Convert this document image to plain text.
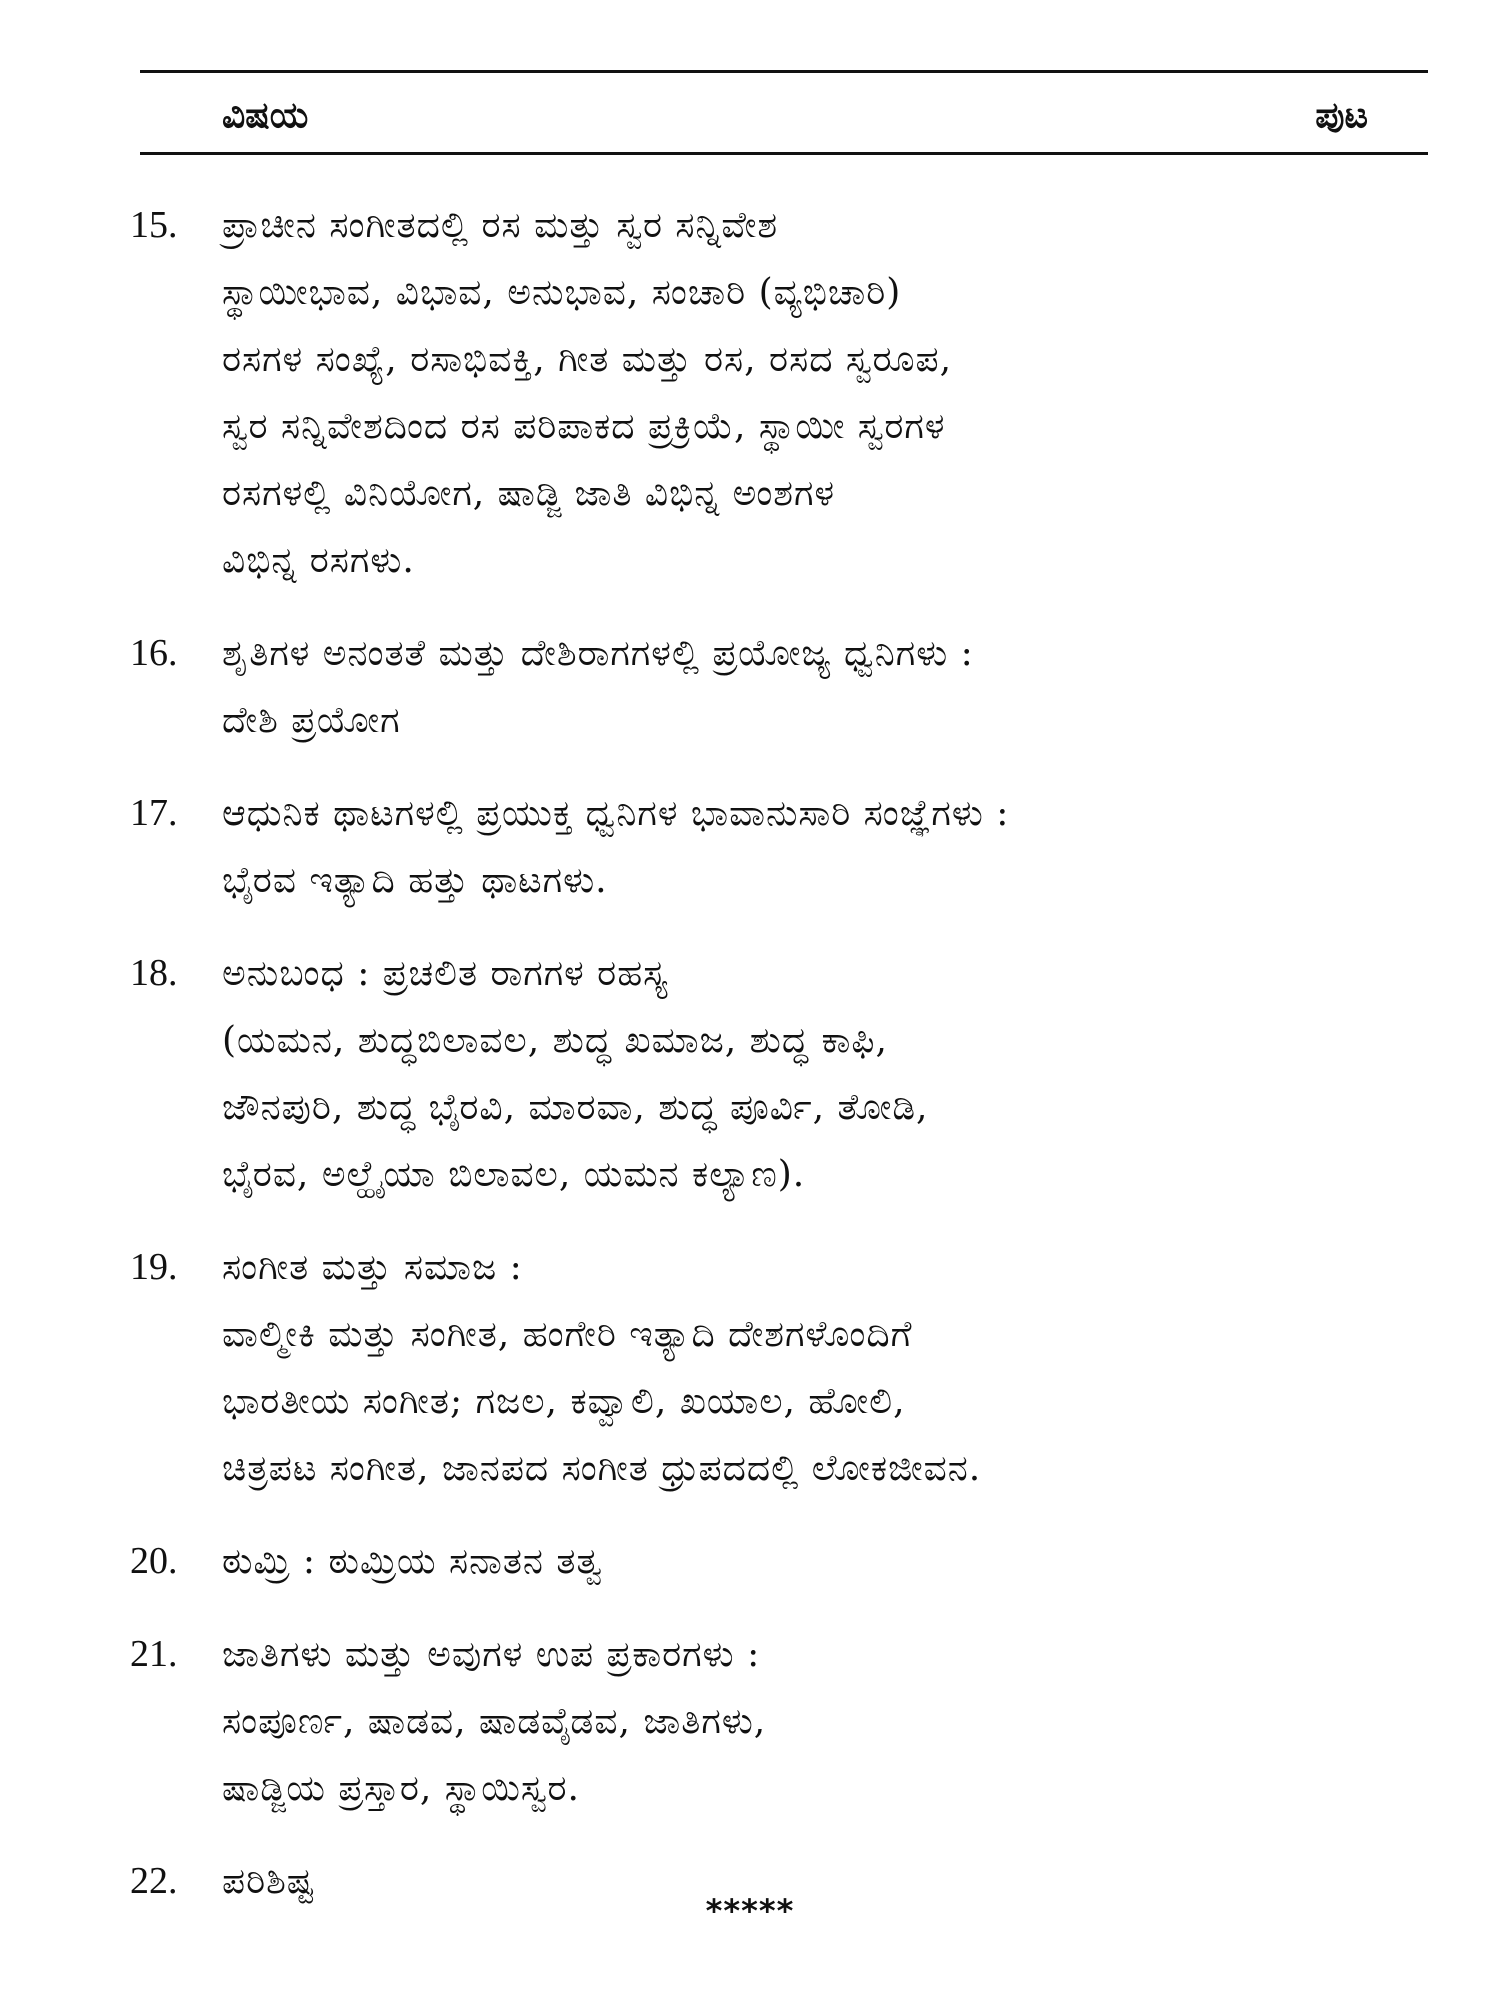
ವಿಷಯ	ಪುಟ
15.	ಪ್ರಾಚೀನ ಸಂಗೀತದಲ್ಲಿ ರಸ ಮತ್ತು ಸ್ವರ ಸನ್ನಿವೇಶ
ಸ್ಥಾಯೀಭಾವ, ವಿಭಾವ, ಅನುಭಾವ, ಸಂಚಾರಿ (ವ್ಯಭಿಚಾರಿ)
ರಸಗಳ ಸಂಖ್ಯೆ, ರಸಾಭಿವಕ್ತಿ, ಗೀತ ಮತ್ತು ರಸ, ರಸದ ಸ್ವರೂಪ,
ಸ್ವರ ಸನ್ನಿವೇಶದಿಂದ ರಸ ಪರಿಪಾಕದ ಪ್ರಕ್ರಿಯೆ, ಸ್ಥಾಯೀ ಸ್ವರಗಳ
ರಸಗಳಲ್ಲಿ ವಿನಿಯೋಗ, ಷಾಡ್ಜಿ ಜಾತಿ ವಿಭಿನ್ನ ಅಂಶಗಳ
ವಿಭಿನ್ನ ರಸಗಳು.
16.	ಶೃತಿಗಳ ಅನಂತತೆ ಮತ್ತು ದೇಶಿರಾಗಗಳಲ್ಲಿ ಪ್ರಯೋಜ್ಯ ಧ್ವನಿಗಳು :
ದೇಶಿ ಪ್ರಯೋಗ
17.	ಆಧುನಿಕ ಥಾಟಗಳಲ್ಲಿ ಪ್ರಯುಕ್ತ ಧ್ವನಿಗಳ ಭಾವಾನುಸಾರಿ ಸಂಜ್ಞೆಗಳು :
ಭೈರವ ಇತ್ಯಾದಿ ಹತ್ತು ಥಾಟಗಳು.
18.	ಅನುಬಂಧ : ಪ್ರಚಲಿತ ರಾಗಗಳ ರಹಸ್ಯ
(ಯಮನ, ಶುದ್ಧಬಿಲಾವಲ, ಶುದ್ಧ ಖಮಾಜ, ಶುದ್ಧ ಕಾಫಿ,
ಜೌನಪುರಿ, ಶುದ್ಧ ಭೈರವಿ, ಮಾರವಾ, ಶುದ್ಧ ಪೂರ್ವಿ, ತೋಡಿ,
ಭೈರವ, ಅಲ್ಹೈಯಾ ಬಿಲಾವಲ, ಯಮನ ಕಲ್ಯಾಣ).
19.	ಸಂಗೀತ ಮತ್ತು ಸಮಾಜ :
ವಾಲ್ಮೀಕಿ ಮತ್ತು ಸಂಗೀತ, ಹಂಗೇರಿ ಇತ್ಯಾದಿ ದೇಶಗಳೊಂದಿಗೆ
ಭಾರತೀಯ ಸಂಗೀತ; ಗಜಲ, ಕವ್ವಾಲಿ, ಖಯಾಲ, ಹೋಲಿ,
ಚಿತ್ರಪಟ ಸಂಗೀತ, ಜಾನಪದ ಸಂಗೀತ ಧ್ರುಪದದಲ್ಲಿ ಲೋಕಜೀವನ.
20.	ಠುಮ್ರಿ : ಠುಮ್ರಿಯ ಸನಾತನ ತತ್ವ
21.	ಜಾತಿಗಳು ಮತ್ತು ಅವುಗಳ ಉಪ ಪ್ರಕಾರಗಳು :
ಸಂಪೂರ್ಣ, ಷಾಡವ, ಷಾಡವೈಡವ, ಜಾತಿಗಳು,
ಷಾಡ್ಜಿಯ ಪ್ರಸ್ತಾರ, ಸ್ಥಾಯಿಸ್ವರ.
22.	ಪರಿಶಿಷ್ಟ
*****
